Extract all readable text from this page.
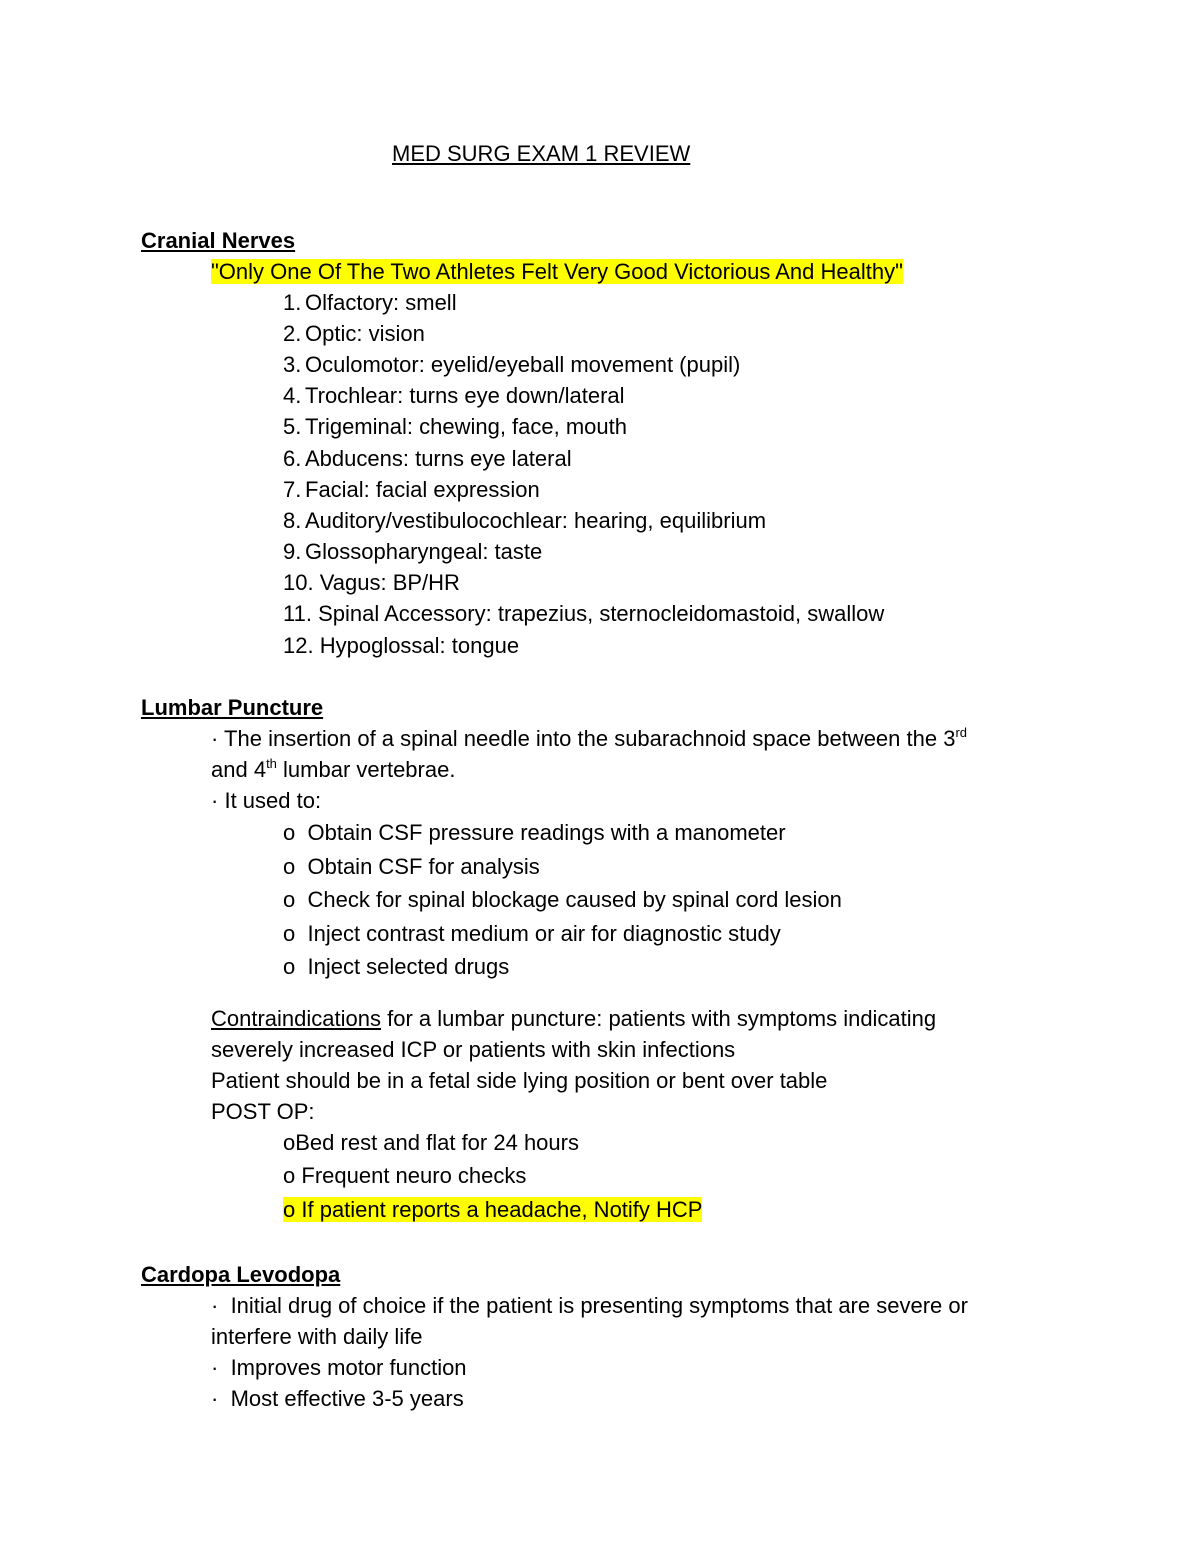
MED SURG EXAM 1 REVIEW
Cranial Nerves
"Only One Of The Two Athletes Felt Very Good Victorious And Healthy"
1. Olfactory: smell
2. Optic: vision
3. Oculomotor: eyelid/eyeball movement (pupil)
4. Trochlear: turns eye down/lateral
5. Trigeminal: chewing, face, mouth
6. Abducens: turns eye lateral
7. Facial: facial expression
8. Auditory/vestibulocochlear: hearing, equilibrium
9. Glossopharyngeal: taste
10. Vagus: BP/HR
11. Spinal Accessory: trapezius, sternocleidomastoid, swallow
12. Hypoglossal: tongue
Lumbar Puncture
· The insertion of a spinal needle into the subarachnoid space between the 3rd
and 4th lumbar vertebrae.
· It used to:
o Obtain CSF pressure readings with a manometer
o Obtain CSF for analysis
o Check for spinal blockage caused by spinal cord lesion
o Inject contrast medium or air for diagnostic study
o Inject selected drugs
Contraindications for a lumbar puncture: patients with symptoms indicating
severely increased ICP or patients with skin infections
Patient should be in a fetal side lying position or bent over table
POST OP:
oBed rest and flat for 24 hours
o Frequent neuro checks
o If patient reports a headache, Notify HCP
Cardopa Levodopa
· Initial drug of choice if the patient is presenting symptoms that are severe or
interfere with daily life
· Improves motor function
· Most effective 3-5 years
